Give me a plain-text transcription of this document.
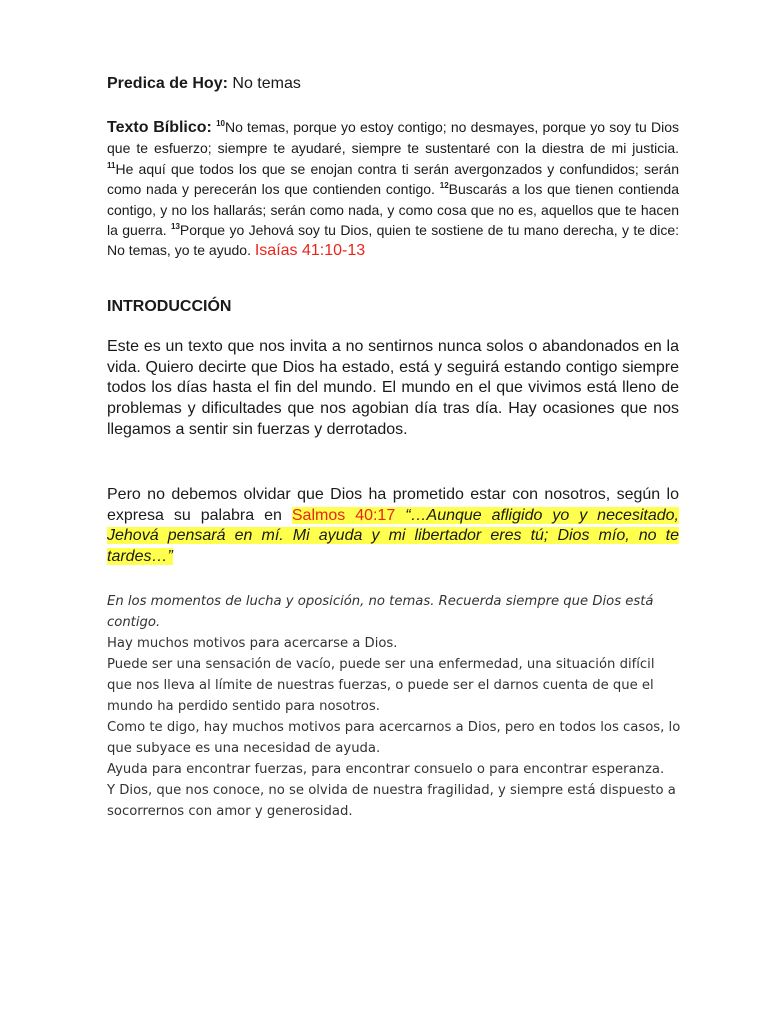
Predica de Hoy: No temas
Texto Bíblico: $^{10}$No temas, porque yo estoy contigo; no desmayes, porque yo soy tu Dios que te esfuerzo; siempre te ayudaré, siempre te sustentaré con la diestra de mi justicia. $^{11}$He aquí que todos los que se enojan contra ti serán avergonzados y confundidos; serán como nada y perecerán los que contienden contigo. $^{12}$Buscarás a los que tienen contienda contigo, y no los hallarás; serán como nada, y como cosa que no es, aquellos que te hacen la guerra. $^{13}$Porque yo Jehová soy tu Dios, quien te sostiene de tu mano derecha, y te dice: No temas, yo te ayudo. Isaías 41:10-13
INTRODUCCIÓN
Este es un texto que nos invita a no sentirnos nunca solos o abandonados en la vida. Quiero decirte que Dios ha estado, está y seguirá estando contigo siempre todos los días hasta el fin del mundo. El mundo en el que vivimos está lleno de problemas y dificultades que nos agobian día tras día. Hay ocasiones que nos llegamos a sentir sin fuerzas y derrotados.
Pero no debemos olvidar que Dios ha prometido estar con nosotros, según lo expresa su palabra en Salmos 40:17 “…Aunque afligido yo y necesitado, Jehová pensará en mí. Mi ayuda y mi libertador eres tú; Dios mío, no te tardes…”

En los momentos de lucha y oposición, no temas. Recuerda siempre que Dios está contigo.

Hay muchos motivos para acercarse a Dios.

Puede ser una sensación de vacío, puede ser una enfermedad, una situación difícil que nos lleva al límite de nuestras fuerzas, o puede ser el darnos cuenta de que el mundo ha perdido sentido para nosotros.

Como te digo, hay muchos motivos para acercarnos a Dios, pero en todos los casos, lo que subyace es una necesidad de ayuda.

Ayuda para encontrar fuerzas, para encontrar consuelo o para encontrar esperanza.

Y Dios, que nos conoce, no se olvida de nuestra fragilidad, y siempre está dispuesto a socorrernos con amor y generosidad.
